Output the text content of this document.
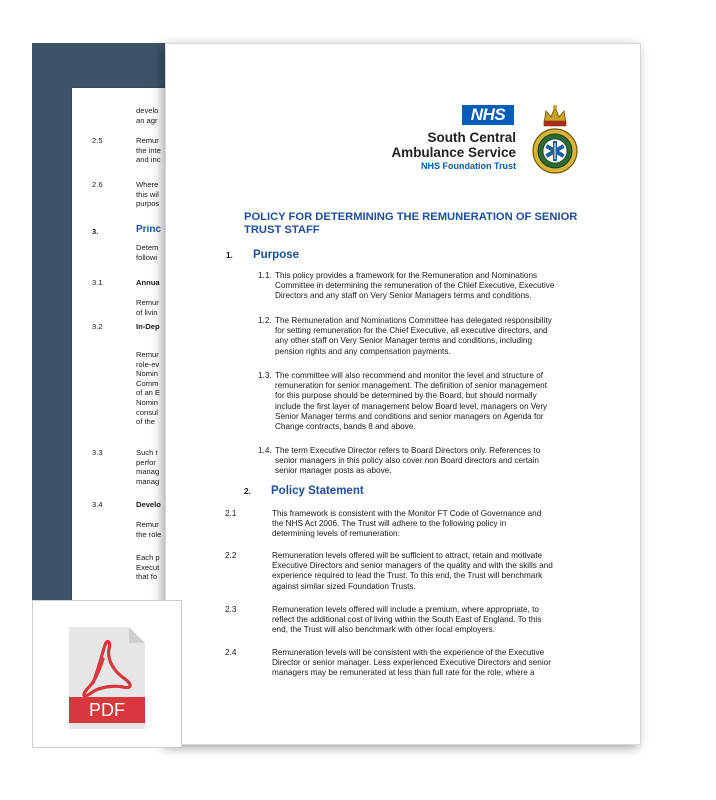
develo
an agr
2.5	Remur
the inte
and inc
2.6	Where
this wil
purpos
3.	Princ
Detem
followi
3.1	Annua
Remur
of livin
3.2	In-Dep
Remur
role-ev
Nomin
Comm
of an E
Nomin
consul
of the
3.3	Such r
perfor
manag
manag
3.4	Develo
Remur
the role
Each p
Execut
that fo
NHS
South Central
Ambulance Service
NHS Foundation Trust
POLICY FOR DETERMINING THE REMUNERATION OF SENIOR
TRUST STAFF
1. Purpose
2. Policy Statement
1.1. This policy provides a framework for the Remuneration and Nominations
Committee in determining the remuneration of the Chief Executive, Executive
Directors and any staff on Very Senior Managers terms and conditions.
1.2. The Remuneration and Nominations Committee has delegated responsibility
for setting remuneration for the Chief Executive, all executive directors, and
any other staff on Very Senior Manager terms and conditions, including
pension rights and any compensation payments.
1.3. The committee will also recommend and monitor the level and structure of
remuneration for senior management. The definition of senior management
for this purpose should be determined by the Board, but should normally
include the first layer of management below Board level, managers on Very
Senior Manager terms and conditions and senior managers on Agenda for
Change contracts, bands 8 and above.
1.4. The term Executive Director refers to Board Directors only. References to
senior managers in this policy also cover non Board directors and certain
senior manager posts as above.
2.1	This framework is consistent with the Monitor FT Code of Governance and
the NHS Act 2006. The Trust will adhere to the following policy in
determining levels of remuneration:
2.2	Remuneration levels offered will be sufficient to attract, retain and motivate
Executive Directors and senior managers of the quality and with the skills and
experience required to lead the Trust. To this end, the Trust will benchmark
against similar sized Foundation Trusts.
2.3	Remuneration levels offered will include a premium, where appropriate, to
reflect the additional cost of living within the South East of England. To this
end, the Trust will also benchmark with other local employers.
2.4	Remuneration levels will be consistent with the experience of the Executive
Director or senior manager. Less experienced Executive Directors and senior
managers may be remunerated at less than full rate for the role, where a
PDF
